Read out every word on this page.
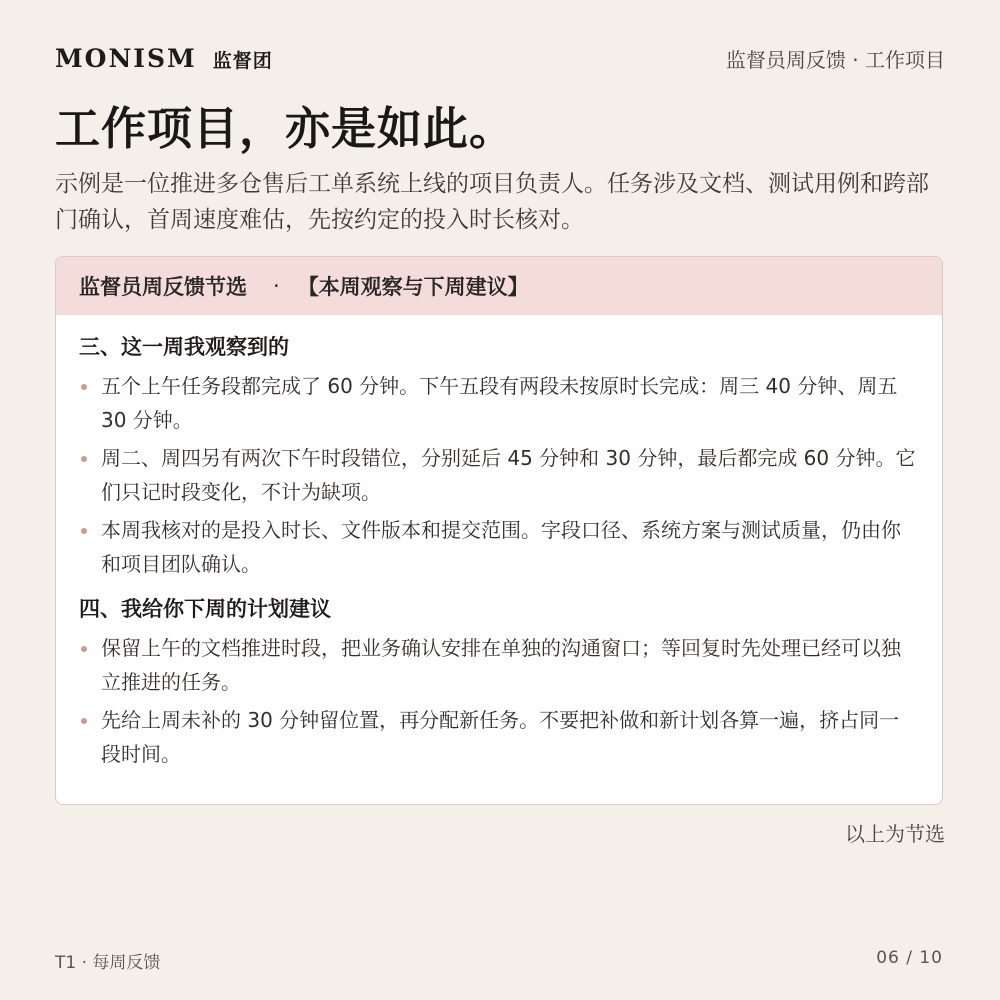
MONISM 监督团	监督员周反馈 · 工作项目
工作项目，亦是如此。

示例是一位推进多仓售后工单系统上线的项目负责人。任务涉及文档、测试用例和跨部门确认，首周速度难估，先按约定的投入时长核对。

监督员周反馈节选 · 【本周观察与下周建议】
三、这一周我观察到的
五个上午任务段都完成了 60 分钟。下午五段有两段未按原时长完成：周三 40 分钟、周五 30 分钟。
周二、周四另有两次下午时段错位，分别延后 45 分钟和 30 分钟，最后都完成 60 分钟。它们只记时段变化，不计为缺项。
本周我核对的是投入时长、文件版本和提交范围。字段口径、系统方案与测试质量，仍由你和项目团队确认。
四、我给你下周的计划建议
保留上午的文档推进时段，把业务确认安排在单独的沟通窗口；等回复时先处理已经可以独立推进的任务。
先给上周未补的 30 分钟留位置，再分配新任务。不要把补做和新计划各算一遍，挤占同一段时间。
以上为节选
T1 · 每周反馈	06 / 10
